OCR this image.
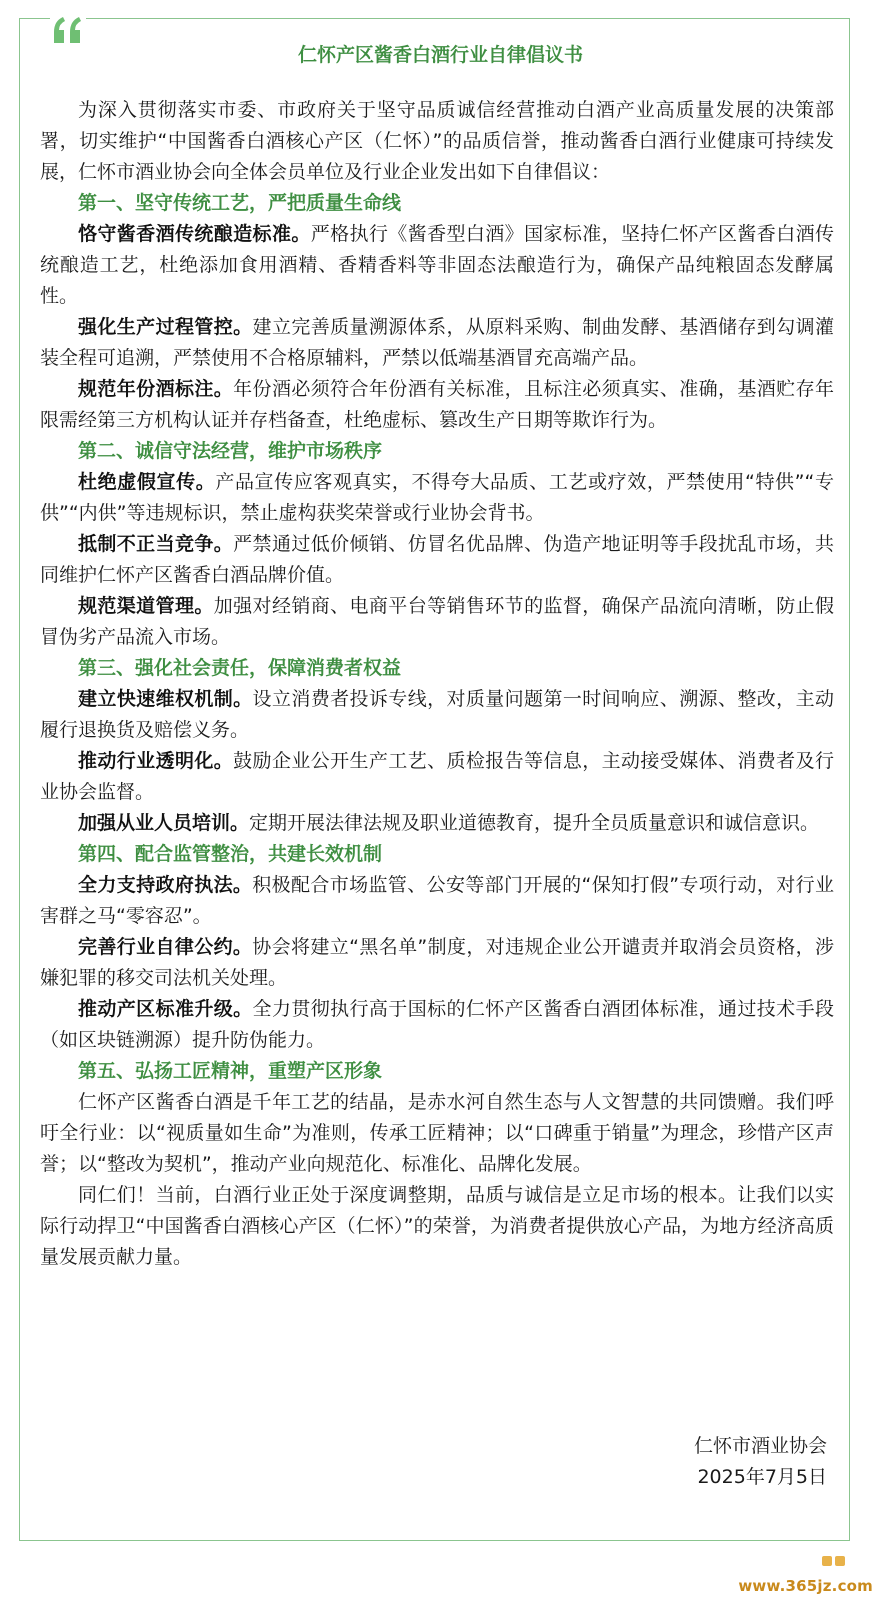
仁怀产区酱香白酒行业自律倡议书

为深入贯彻落实市委、市政府关于坚守品质诚信经营推动白酒产业高质量发展的决策部署，切实维护“中国酱香白酒核心产区（仁怀）”的品质信誉，推动酱香白酒行业健康可持续发展，仁怀市酒业协会向全体会员单位及行业企业发出如下自律倡议：

第一、坚守传统工艺，严把质量生命线

恪守酱香酒传统酿造标准。严格执行《酱香型白酒》国家标准，坚持仁怀产区酱香白酒传统酿造工艺，杜绝添加食用酒精、香精香料等非固态法酿造行为，确保产品纯粮固态发酵属性。

强化生产过程管控。建立完善质量溯源体系，从原料采购、制曲发酵、基酒储存到勾调灌装全程可追溯，严禁使用不合格原辅料，严禁以低端基酒冒充高端产品。

规范年份酒标注。年份酒必须符合年份酒有关标准，且标注必须真实、准确，基酒贮存年限需经第三方机构认证并存档备查，杜绝虚标、篡改生产日期等欺诈行为。

第二、诚信守法经营，维护市场秩序

杜绝虚假宣传。产品宣传应客观真实，不得夸大品质、工艺或疗效，严禁使用“特供”“专供”“内供”等违规标识，禁止虚构获奖荣誉或行业协会背书。

抵制不正当竞争。严禁通过低价倾销、仿冒名优品牌、伪造产地证明等手段扰乱市场，共同维护仁怀产区酱香白酒品牌价值。

规范渠道管理。加强对经销商、电商平台等销售环节的监督，确保产品流向清晰，防止假冒伪劣产品流入市场。

第三、强化社会责任，保障消费者权益

建立快速维权机制。设立消费者投诉专线，对质量问题第一时间响应、溯源、整改，主动履行退换货及赔偿义务。

推动行业透明化。鼓励企业公开生产工艺、质检报告等信息，主动接受媒体、消费者及行业协会监督。

加强从业人员培训。定期开展法律法规及职业道德教育，提升全员质量意识和诚信意识。

第四、配合监管整治，共建长效机制

全力支持政府执法。积极配合市场监管、公安等部门开展的“保知打假”专项行动，对行业害群之马“零容忍”。

完善行业自律公约。协会将建立“黑名单”制度，对违规企业公开谴责并取消会员资格，涉嫌犯罪的移交司法机关处理。

推动产区标准升级。全力贯彻执行高于国标的仁怀产区酱香白酒团体标准，通过技术手段（如区块链溯源）提升防伪能力。

第五、弘扬工匠精神，重塑产区形象

仁怀产区酱香白酒是千年工艺的结晶，是赤水河自然生态与人文智慧的共同馈赠。我们呼吁全行业：以“视质量如生命”为准则，传承工匠精神；以“口碑重于销量”为理念，珍惜产区声誉；以“整改为契机”，推动产业向规范化、标准化、品牌化发展。

同仁们！当前，白酒行业正处于深度调整期，品质与诚信是立足市场的根本。让我们以实际行动捍卫“中国酱香白酒核心产区（仁怀）”的荣誉，为消费者提供放心产品，为地方经济高质量发展贡献力量。

仁怀市酒业协会
2025年7月5日
www.365jz.com
